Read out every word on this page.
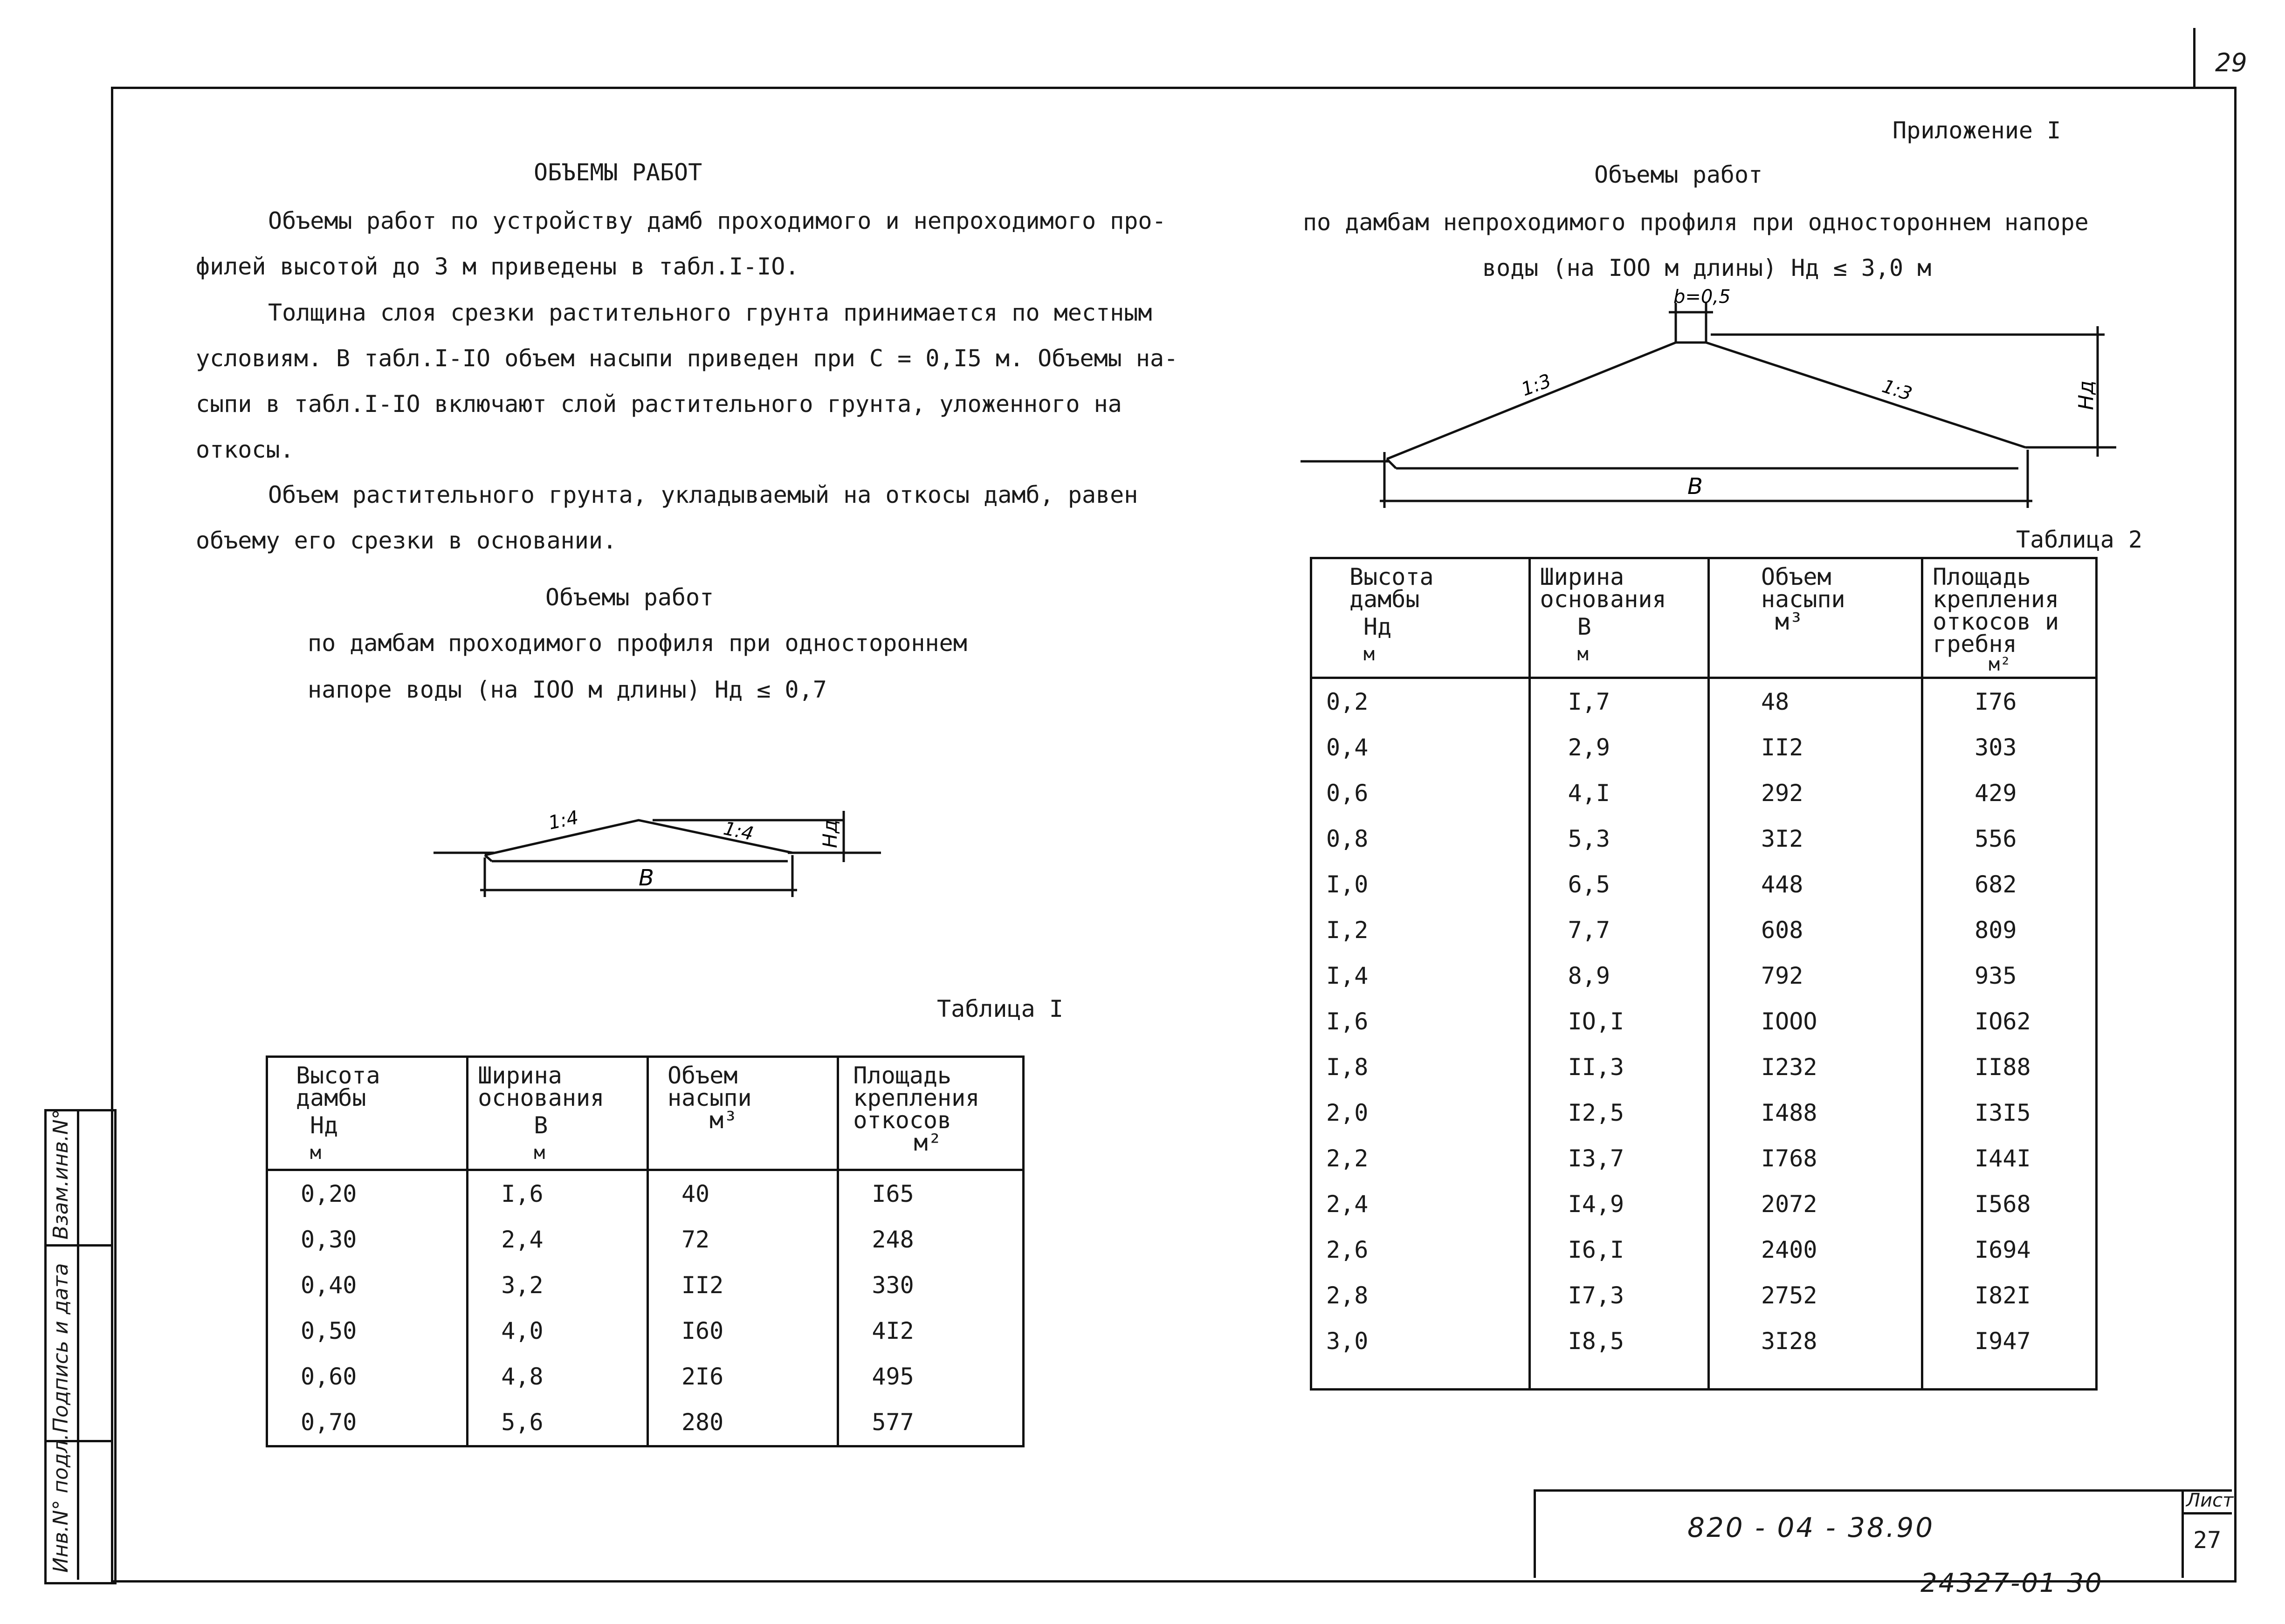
29
Инв.N° подл.
Подпись и дата
Взам.инв.N°
ОБЪЕМЫ РАБОТ
Объемы работ по устройству дамб проходимого и непроходимого про-
филей высотой до 3 м приведены в табл.I-IO.
Толщина слоя срезки растительного грунта принимается по местным
условиям. В табл.I-IO объем насыпи приведен при С = 0,I5 м. Объемы на-
сыпи в табл.I-IO включают слой растительного грунта, уложенного на
откосы.
Объем растительного грунта, укладываемый на откосы дамб, равен
объему его срезки в основании.
Объемы работ
по дамбам проходимого профиля при одностороннем
напоре воды (на IOO м длины) Hд ≤ 0,7
1:4	1:4	Hд
B
Таблица I
Высота
дамбы
Hд
м	Ширина
основания
B
м	Объем
насыпи
м³	Площадь
крепления
откосов
м²

0,20	I,6	40	I65
0,30	2,4	72	248
0,40	3,2	II2	330
0,50	4,0	I60	4I2
0,60	4,8	2I6	495
0,70	5,6	280	577
Приложение I
Объемы работ
по дамбам непроходимого профиля при одностороннем напоре
воды (на IOO м длины) Hд ≤ 3,0 м
b=0,5
1:3	1:3	Hд
B
Таблица 2
Высота
дамбы
Hд
м	Ширина
основания
B
м	Объем
насыпи
м³	Площадь
крепления
откосов и
гребня
м²

0,2	I,7	48	I76
0,4	2,9	II2	303
0,6	4,I	292	429
0,8	5,3	3I2	556
I,0	6,5	448	682
I,2	7,7	608	809
I,4	8,9	792	935
I,6	IO,I	IOOO	IO62
I,8	II,3	I232	II88
2,0	I2,5	I488	I3I5
2,2	I3,7	I768	I44I
2,4	I4,9	2072	I568
2,6	I6,I	2400	I694
2,8	I7,3	2752	I82I
3,0	I8,5	3I28	I947
820 - 04 - 38.90
Лист
27
24327-01 30
